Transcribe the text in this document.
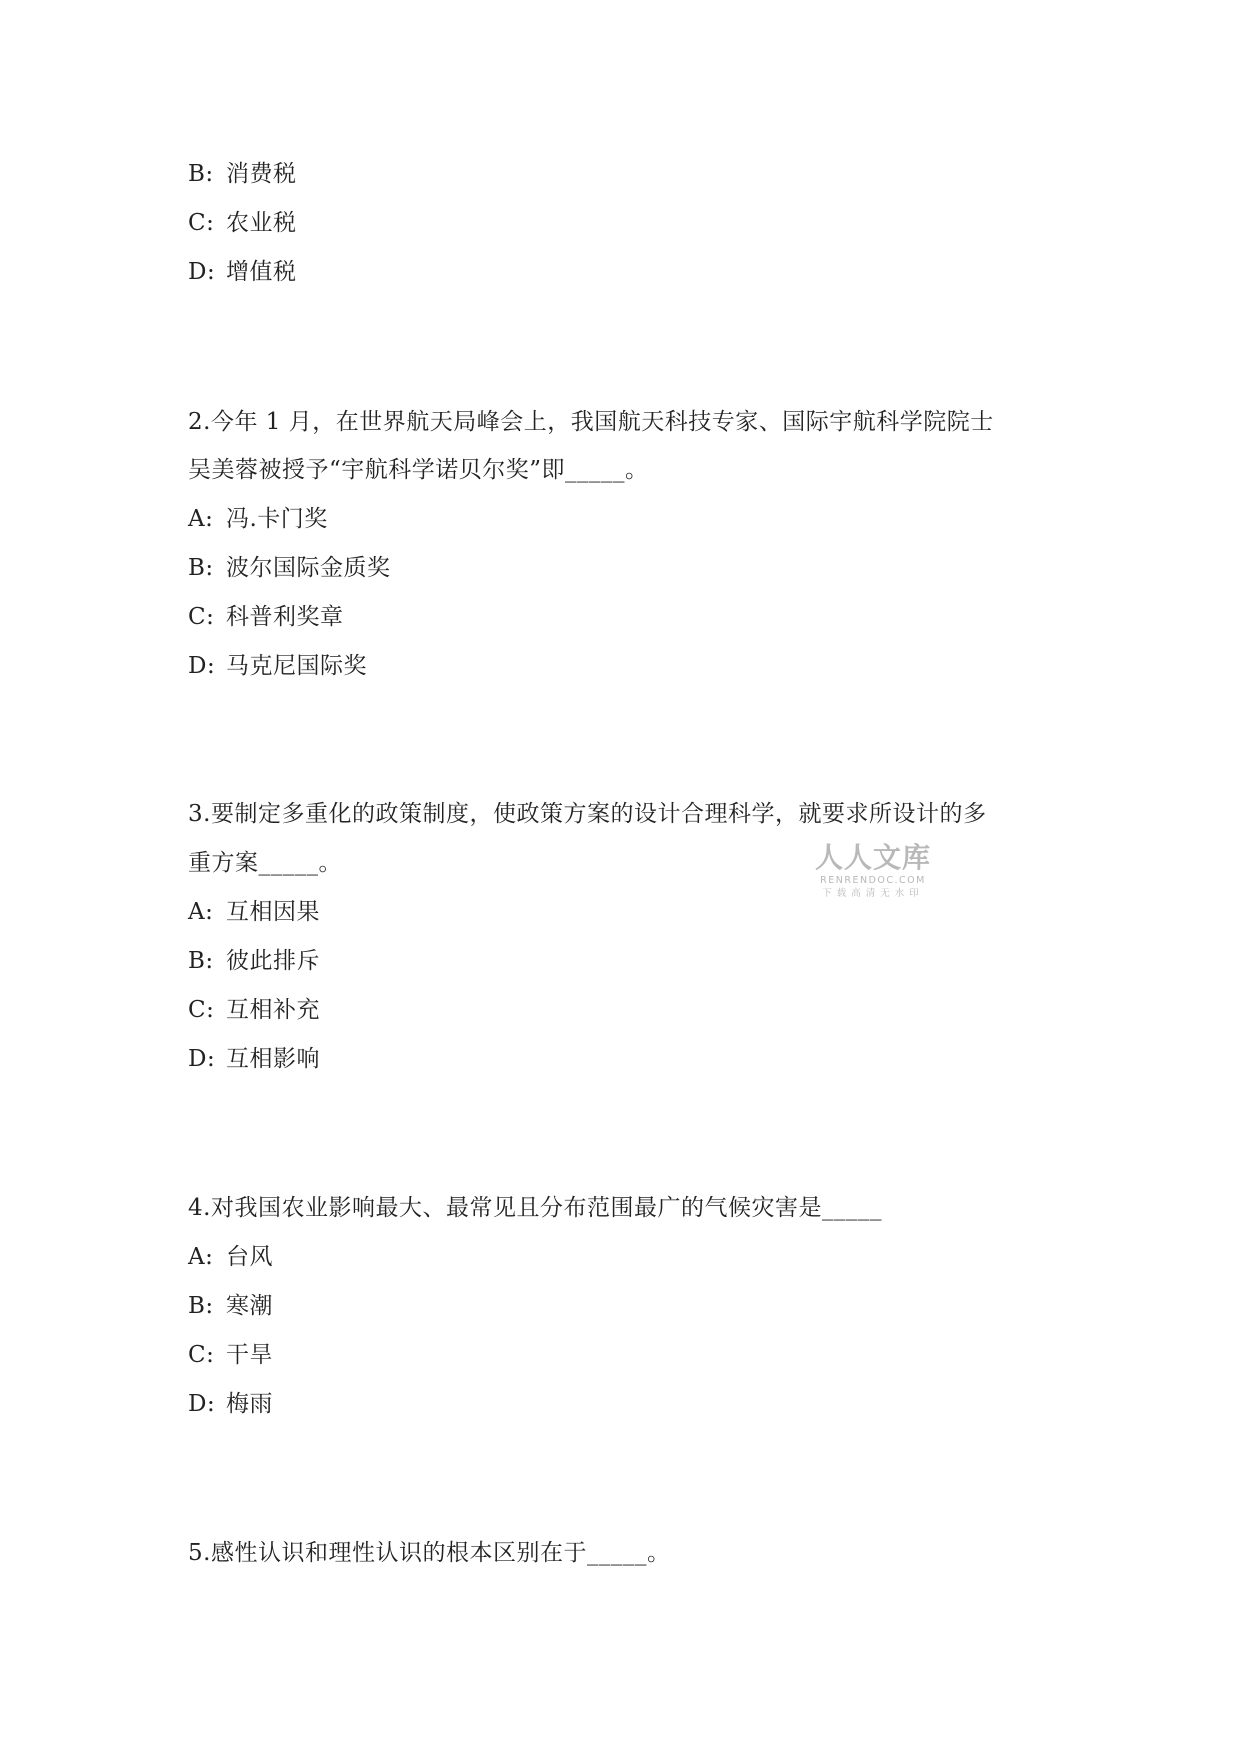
B: 消费税
C: 农业税
D: 增值税
2.今年 1 月，在世界航天局峰会上，我国航天科技专家、国际宇航科学院院士
吴美蓉被授予“宇航科学诺贝尔奖”即_____。
A: 冯.卡门奖
B: 波尔国际金质奖
C: 科普利奖章
D: 马克尼国际奖
3.要制定多重化的政策制度，使政策方案的设计合理科学，就要求所设计的多
重方案_____。
A: 互相因果
B: 彼此排斥
C: 互相补充
D: 互相影响
4.对我国农业影响最大、最常见且分布范围最广的气候灾害是_____
A: 台风
B: 寒潮
C: 干旱
D: 梅雨
5.感性认识和理性认识的根本区别在于_____。
人人文库
RENRENDOC.COM
下载高清无水印
